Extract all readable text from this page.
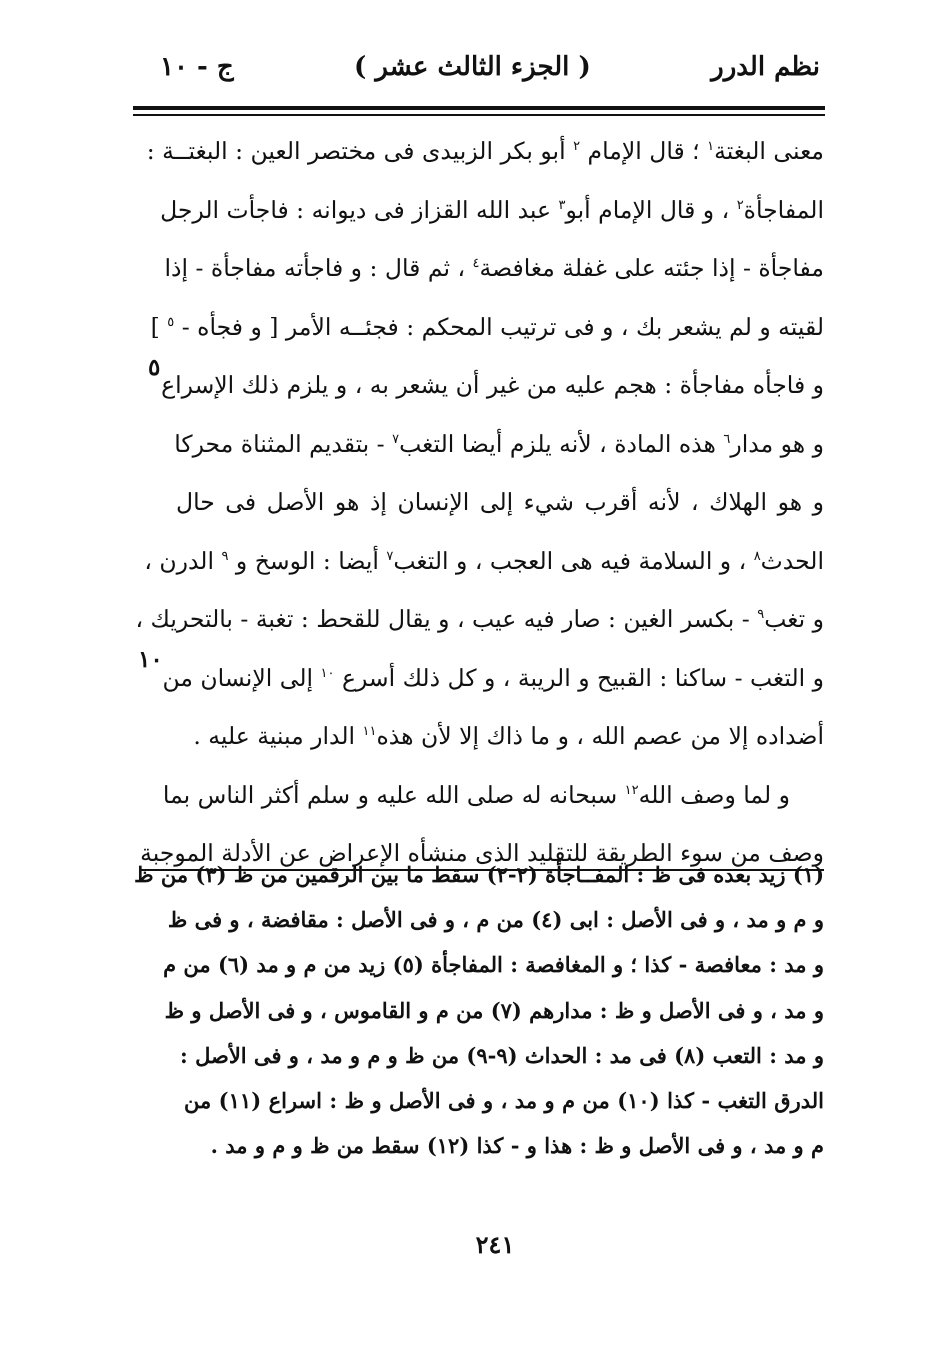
نظم الدرر
( الجزء الثالث عشر )
ج - ١٠
معنى البغتة$^١$ ؛ قال الإمام $^٢$ أبو بكر الزبيدى فى مختصر العين : البغتــة :
المفاجأة$^٢$ ، و قال الإمام أبو$^٣$ عبد الله القزاز فى ديوانه : فاجأت الرجل
مفاجأة - إذا جئته على غفلة مغافصة$^٤$ ، ثم قال : و فاجأته مفاجأة - إذا
لقيته و لم يشعر بك ، و فى ترتيب المحكم : فجئــه الأمر [ و فجأه - $^٥$ ]
و فاجأه مفاجأة : هجم عليه من غير أن يشعر به ، و يلزم ذلك الإسراع
و هو مدار$^٦$ هذه المادة ، لأنه يلزم أيضا التغب$^٧$ - بتقديم المثناة محركا
و هو الهلاك ، لأنه أقرب شيء إلى الإنسان إذ هو الأصل فى حال
الحدث$^٨$ ، و السلامة فيه هى العجب ، و التغب$^٧$ أيضا : الوسخ و $^٩$ الدرن ،
و تغب$^٩$ - بكسر الغين : صار فيه عيب ، و يقال للقحط : تغبة - بالتحريك ،
و التغب - ساكنا : القبيح و الريبة ، و كل ذلك أسرع $^{١٠}$ إلى الإنسان من
أضداده إلا من عصم الله ، و ما ذاك إلا لأن هذه$^{١١}$ الدار مبنية عليه .
و لما وصف الله$^{١٢}$ سبحانه له صلى الله عليه و سلم أكثر الناس بما
وصف من سوء الطريقة للتقليد الذى منشأه الإعراض عن الأدلة الموجبة
٥
١٠
(١) زيد بعده فى ظ : المفــاجأة (٢-٢) سقط ما بين الرقمين من ظ (٣) من ظ
و م و مد ، و فى الأصل : ابى (٤) من م ، و فى الأصل : مقافضة ، و فى ظ
و مد : معافصة - كذا ؛ و المغافصة : المفاجأة (٥) زيد من م و مد (٦) من م
و مد ، و فى الأصل و ظ : مدارهم (٧) من م و القاموس ، و فى الأصل و ظ
و مد : التعب (٨) فى مد : الحداث (٩-٩) من ظ و م و مد ، و فى الأصل :
الدرق التغب - كذا (١٠) من م و مد ، و فى الأصل و ظ : اسراع (١١) من
م و مد ، و فى الأصل و ظ : هذا و - كذا (١٢) سقط من ظ و م و مد .
٢٤١
